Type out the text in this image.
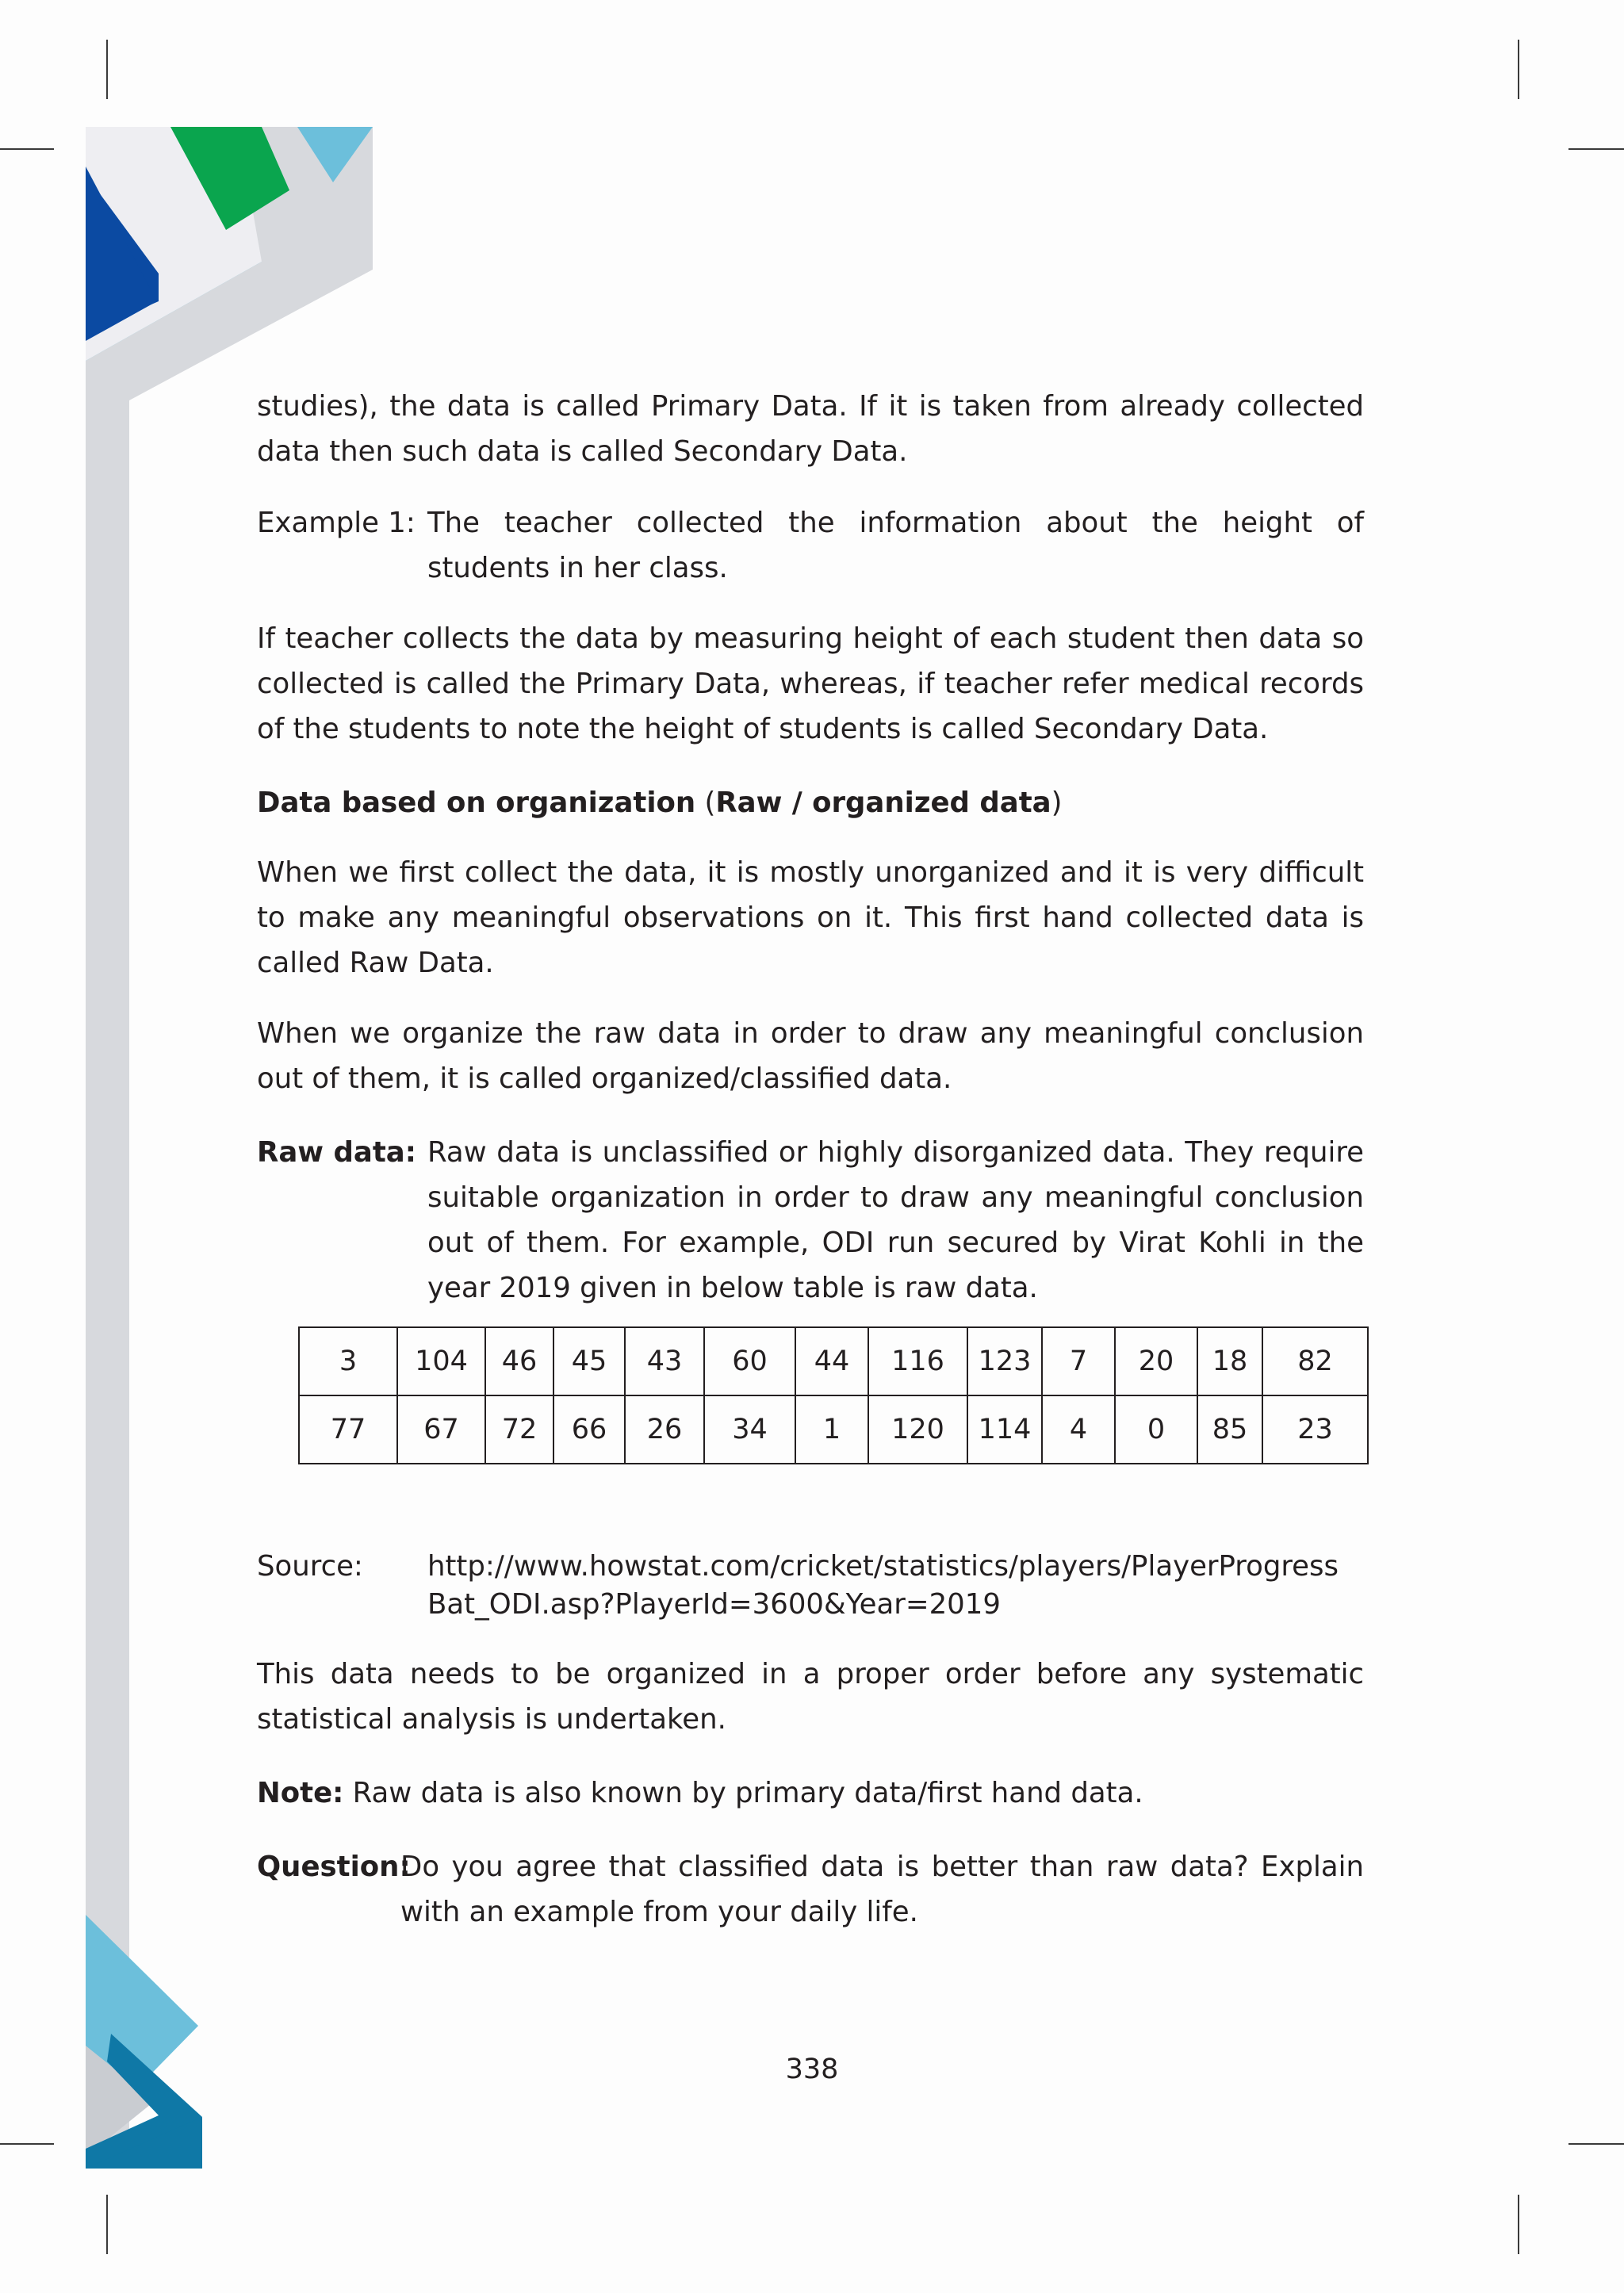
studies), the data is called Primary Data. If it is taken from already collected data then such data is called Secondary Data.
Example 1: The teacher collected the information about the height of students in her class.
If teacher collects the data by measuring height of each student then data so collected is called the Primary Data, whereas, if teacher refer medical records of the students to note the height of students is called Secondary Data.
Data based on organization (Raw / organized data)
When we first collect the data, it is mostly unorganized and it is very difficult to make any meaningful observations on it. This first hand collected data is called Raw Data.
When we organize the raw data in order to draw any meaningful conclusion out of them, it is called organized/classified data.
Raw data: Raw data is unclassified or highly disorganized data. They require suitable organization in order to draw any meaningful conclusion out of them. For example, ODI run secured by Virat Kohli in the year 2019 given in below table is raw data.
Source: http://www.howstat.com/cricket/statistics/players/PlayerProgress
Bat_ODI.asp?PlayerId=3600&Year=2019
This data needs to be organized in a proper order before any systematic statistical analysis is undertaken.
Note: Raw data is also known by primary data/first hand data.
Question:
Do you agree that classified data is better than raw data? Explain with an example from your daily life.
338
3	104	46	45	43	60	44	116	123	7	20	18	82
77	67	72	66	26	34	1	120	114	4	0	85	23
